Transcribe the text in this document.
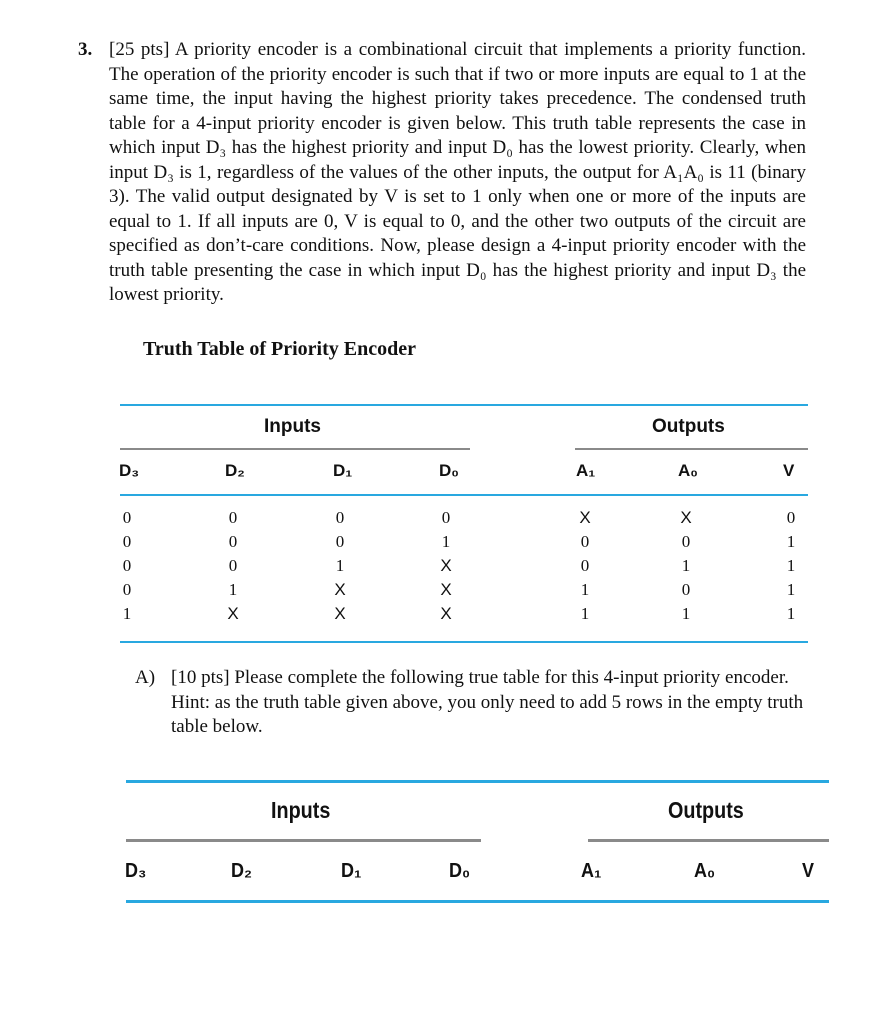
3. [25 pts] A priority encoder is a combinational circuit that implements a priority function. The operation of the priority encoder is such that if two or more inputs are equal to 1 at the same time, the input having the highest priority takes precedence. The condensed truth table for a 4-input priority encoder is given below. This truth table represents the case in which input D₃ has the highest priority and input D₀ has the lowest priority. Clearly, when input D₃ is 1, regardless of the values of the other inputs, the output for A₁A₀ is 11 (binary 3). The valid output designated by V is set to 1 only when one or more of the inputs are equal to 1. If all inputs are 0, V is equal to 0, and the other two outputs of the circuit are specified as don’t-care conditions. Now, please design a 4-input priority encoder with the truth table presenting the case in which input D₀ has the highest priority and input D₃ the lowest priority.
Truth Table of Priority Encoder
Inputs	Outputs
D₃	D₂	D₁	D₀	A₁	A₀	V
0	0	0	0	X	X	0
0	0	0	1	0	0	1
0	0	1	X	0	1	1
0	1	X	X	1	0	1
1	X	X	X	1	1	1
A) [10 pts] Please complete the following true table for this 4-input priority encoder. Hint: as the truth table given above, you only need to add 5 rows in the empty truth table below.
Inputs	Outputs
D₃	D₂	D₁	D₀	A₁	A₀	V
